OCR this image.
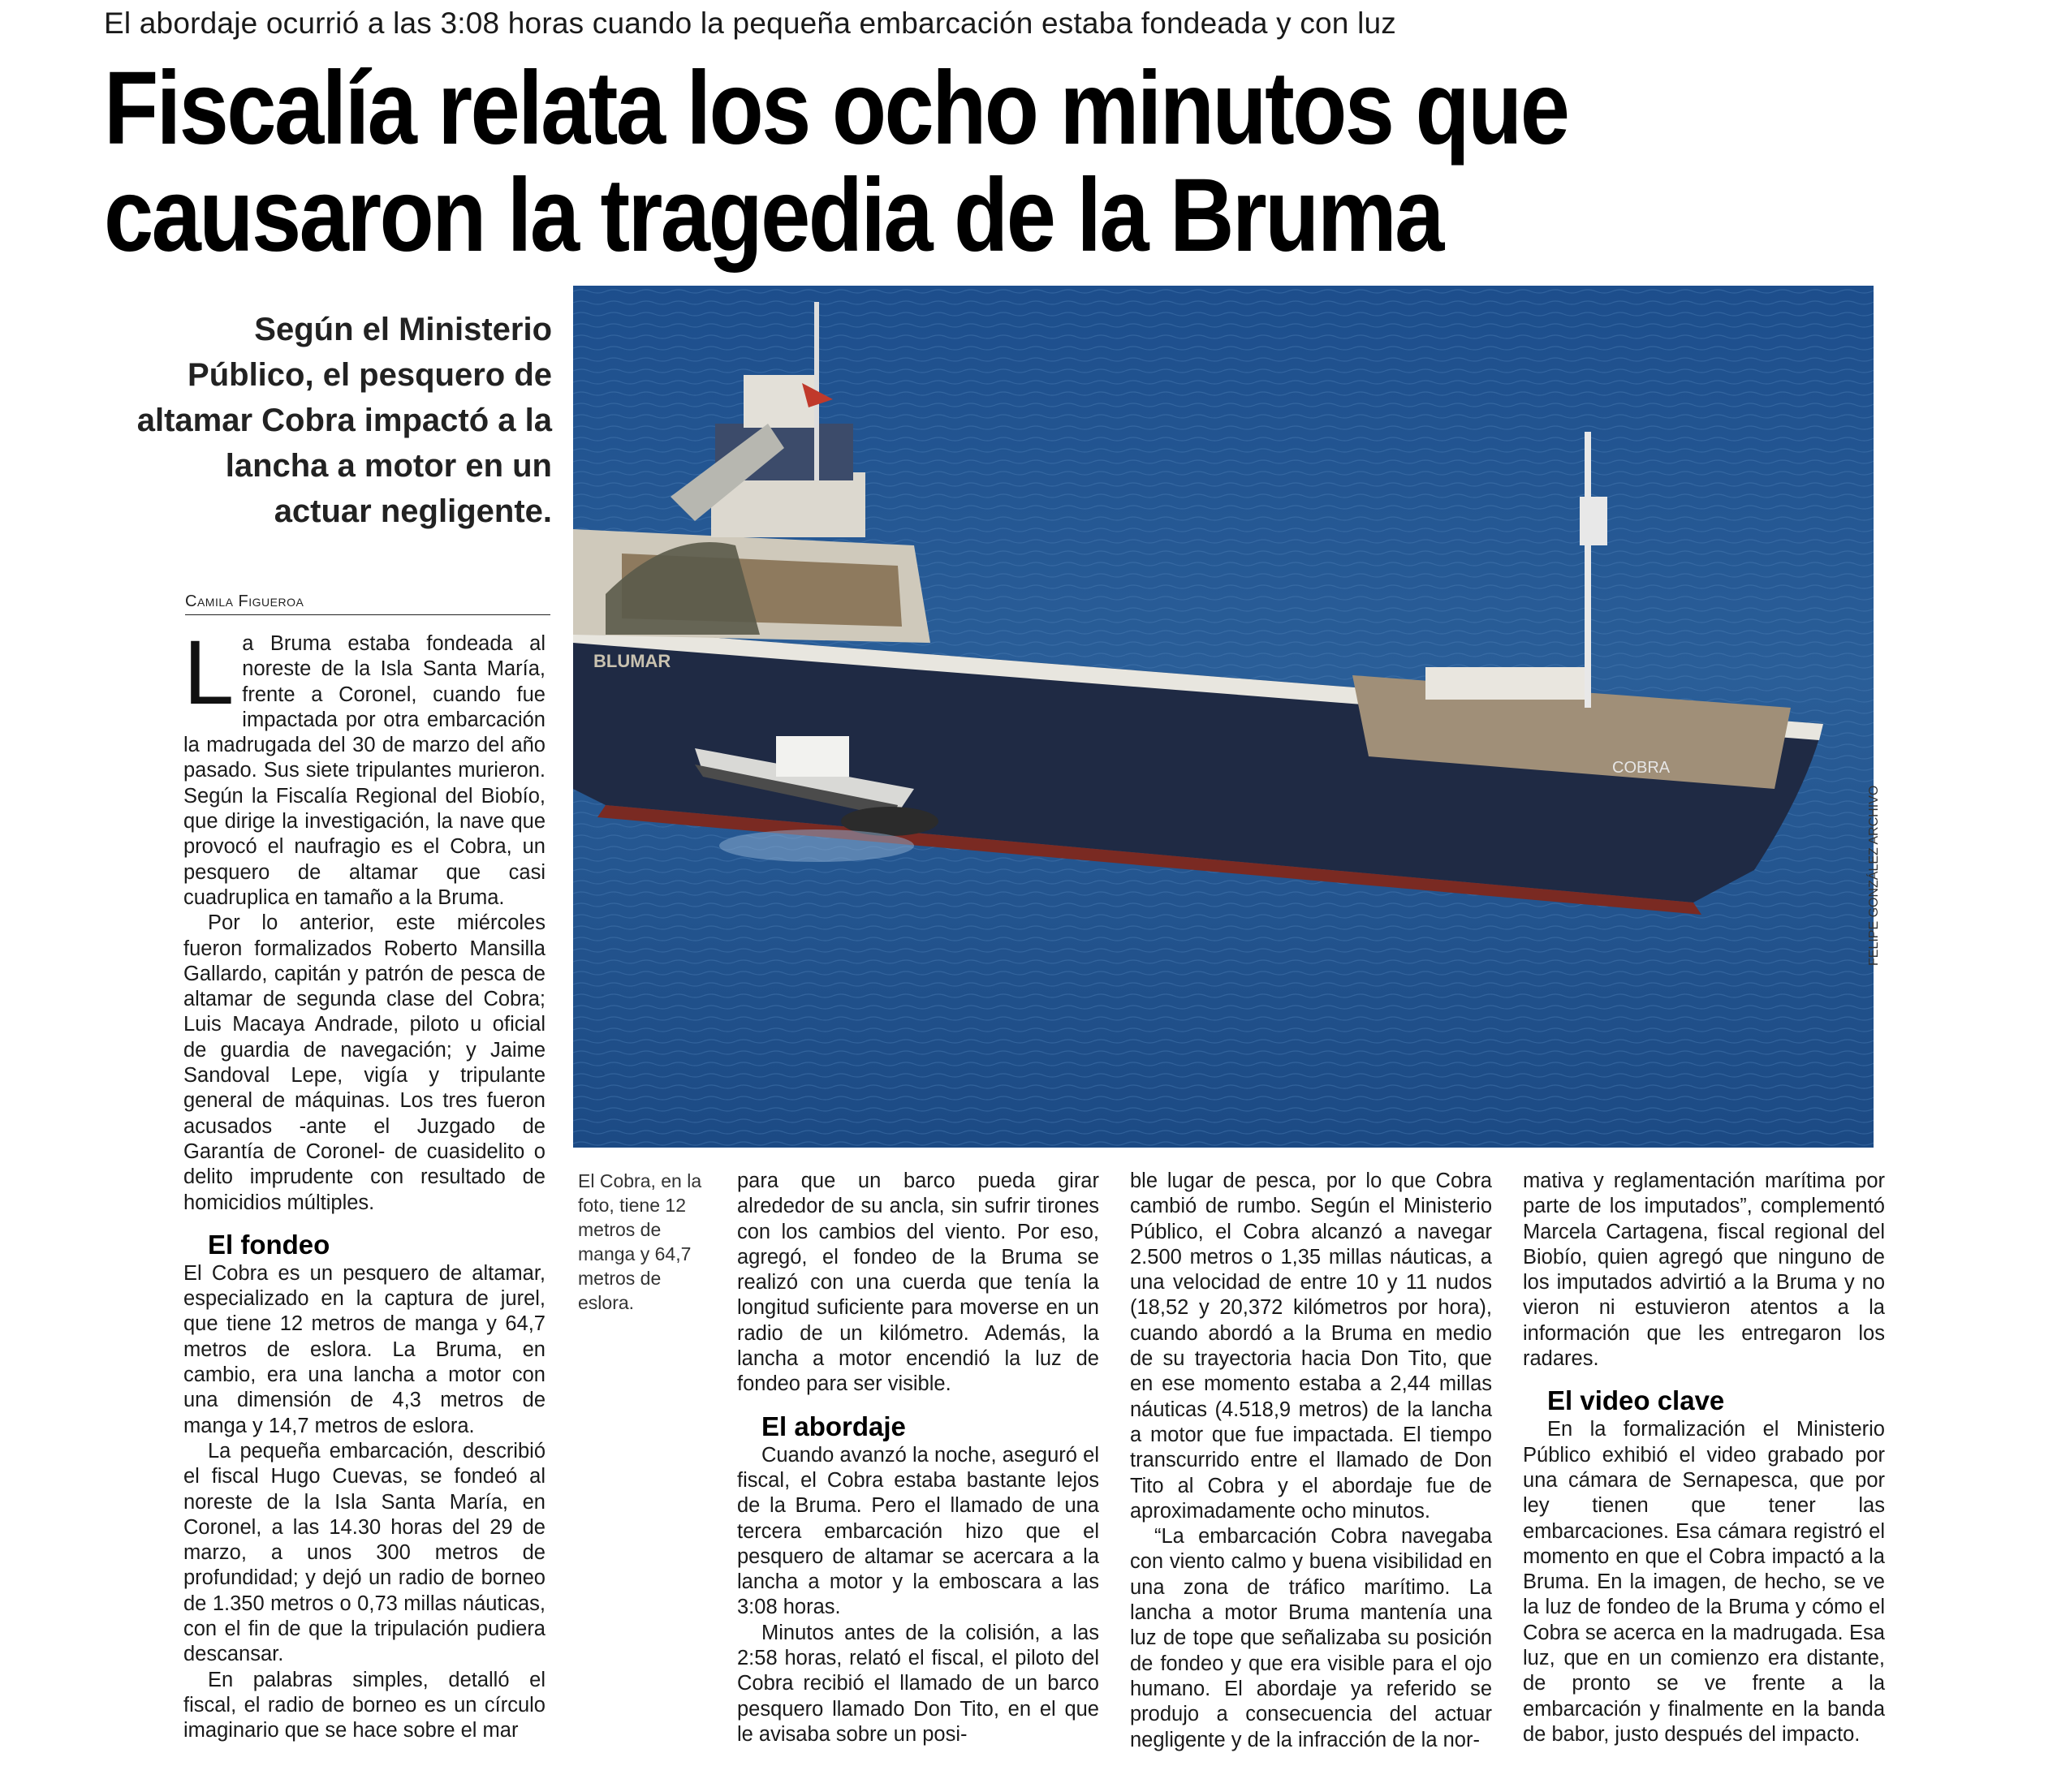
El abordaje ocurrió a las 3:08 horas cuando la pequeña embarcación estaba fondeada y con luz
Fiscalía relata los ocho minutos que
causaron la tragedia de la Bruma
Según el Ministerio Público, el pesquero de altamar Cobra impactó a la lancha a motor en un actuar negligente.
Camila Figueroa
COBRA
BLUMAR
FELIPE GONZÁLEZ ARCHIVO
El Cobra, en la foto, tiene 12 metros de manga y 64,7 metros de eslora.

La Bruma estaba fondeada al noreste de la Isla Santa María, frente a Coronel, cuando fue impactada por otra embarcación la madrugada del 30 de marzo del año pasado. Sus siete tripulantes murieron. Según la Fiscalía Regional del Biobío, que dirige la investigación, la nave que provocó el naufragio es el Cobra, un pesquero de altamar que casi cuadruplica en tamaño a la Bruma.

Por lo anterior, este miércoles fueron formalizados Roberto Mansilla Gallardo, capitán y patrón de pesca de altamar de segunda clase del Cobra; Luis Macaya Andrade, piloto u oficial de guardia de navegación; y Jaime Sandoval Lepe, vigía y tripulante general de máquinas. Los tres fueron acusados -ante el Juzgado de Garantía de Coronel- de cuasidelito o delito imprudente con resultado de homicidios múltiples.

El fondeo

El Cobra es un pesquero de altamar, especializado en la captura de jurel, que tiene 12 metros de manga y 64,7 metros de eslora. La Bruma, en cambio, era una lancha a motor con una dimensión de 4,3 metros de manga y 14,7 metros de eslora.

La pequeña embarcación, describió el fiscal Hugo Cuevas, se fondeó al noreste de la Isla Santa María, en Coronel, a las 14.30 horas del 29 de marzo, a unos 300 metros de profundidad; y dejó un radio de borneo de 1.350 metros o 0,73 millas náuticas, con el fin de que la tripulación pudiera descansar.

En palabras simples, detalló el fiscal, el radio de borneo es un círculo imaginario que se hace sobre el mar

para que un barco pueda girar alrededor de su ancla, sin sufrir tirones con los cambios del viento. Por eso, agregó, el fondeo de la Bruma se realizó con una cuerda que tenía la longitud suficiente para moverse en un radio de un kilómetro. Además, la lancha a motor encendió la luz de fondeo para ser visible.

El abordaje

Cuando avanzó la noche, aseguró el fiscal, el Cobra estaba bastante lejos de la Bruma. Pero el llamado de una tercera embarcación hizo que el pesquero de altamar se acercara a la lancha a motor y la emboscara a las 3:08 horas.

Minutos antes de la colisión, a las 2:58 horas, relató el fiscal, el piloto del Cobra recibió el llamado de un barco pesquero llamado Don Tito, en el que le avisaba sobre un posi-

ble lugar de pesca, por lo que Cobra cambió de rumbo. Según el Ministerio Público, el Cobra alcanzó a navegar 2.500 metros o 1,35 millas náuticas, a una velocidad de entre 10 y 11 nudos (18,52 y 20,372 kilómetros por hora), cuando abordó a la Bruma en medio de su trayectoria hacia Don Tito, que en ese momento estaba a 2,44 millas náuticas (4.518,9 metros) de la lancha a motor que fue impactada. El tiempo transcurrido entre el llamado de Don Tito al Cobra y el abordaje fue de aproximadamente ocho minutos.

“La embarcación Cobra navegaba con viento calmo y buena visibilidad en una zona de tráfico marítimo. La lancha a motor Bruma mantenía una luz de tope que señalizaba su posición de fondeo y que era visible para el ojo humano. El abordaje ya referido se produjo a consecuencia del actuar negligente y de la infracción de la nor-

mativa y reglamentación marítima por parte de los imputados”, complementó Marcela Cartagena, fiscal regional del Biobío, quien agregó que ninguno de los imputados advirtió a la Bruma y no vieron ni estuvieron atentos a la información que les entregaron los radares.

El video clave

En la formalización el Ministerio Público exhibió el video grabado por una cámara de Sernapesca, que por ley tienen que tener las embarcaciones. Esa cámara registró el momento en que el Cobra impactó a la Bruma. En la imagen, de hecho, se ve la luz de fondeo de la Bruma y cómo el Cobra se acerca en la madrugada. Esa luz, que en un comienzo era distante, de pronto se ve frente a la embarcación y finalmente en la banda de babor, justo después del impacto.
